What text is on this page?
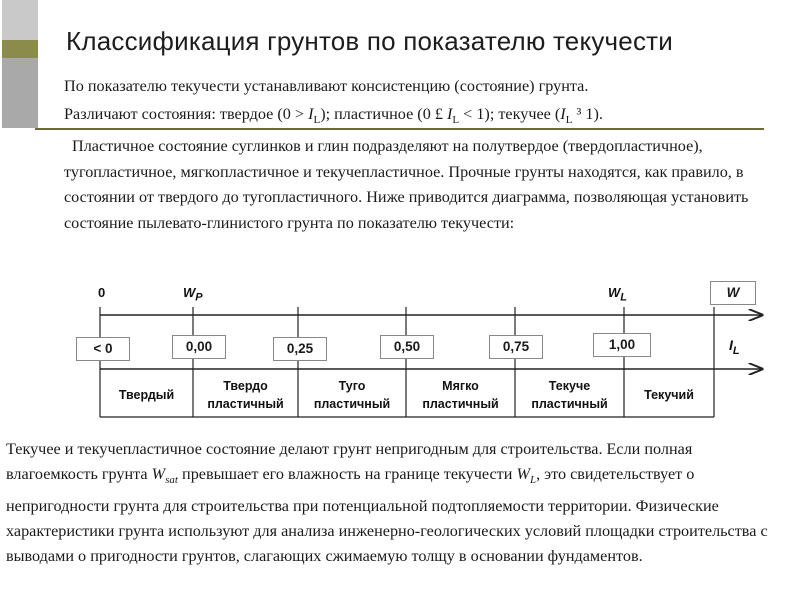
Классификация грунтов по показателю текучести
По показателю текучести устанавливают консистенцию (состояние) грунта.
Различают состояния: твердое $(0 > I_L)$; пластичное (0 £ $I_L < 1$); текучее ($I_L$ ³ 1).
Пластичное состояние суглинков и глин подразделяют на полутвердое (твердопластичное), тугопластичное, мягкопластичное и текучепластичное. Прочные грунты находятся, как правило, в состоянии от твердого до тугопластичного. Ниже приводится диаграмма, позволяющая установить состояние пылевато-глинистого грунта по показателю текучести:
0	$W_P$	$W_L$	W
< 0	0,00	0,25	0,50	0,75	1,00	$I_L$
Твердый
Твердо
пластичный
Туго
пластичный
Мягко
пластичный
Текуче
пластичный
Текучий
Текучее и текучепластичное состояние делают грунт непригодным для строительства. Если полная влагоемкость грунта $W_{sat}$ превышает его влажность на границе текучести $W_L$, это свидетельствует о непригодности грунта для строительства при потенциальной подтопляемости территории. Физические характеристики грунта используют для анализа инженерно-геологических условий площадки строительства с выводами о пригодности грунтов, слагающих сжимаемую толщу в основании фундаментов.
